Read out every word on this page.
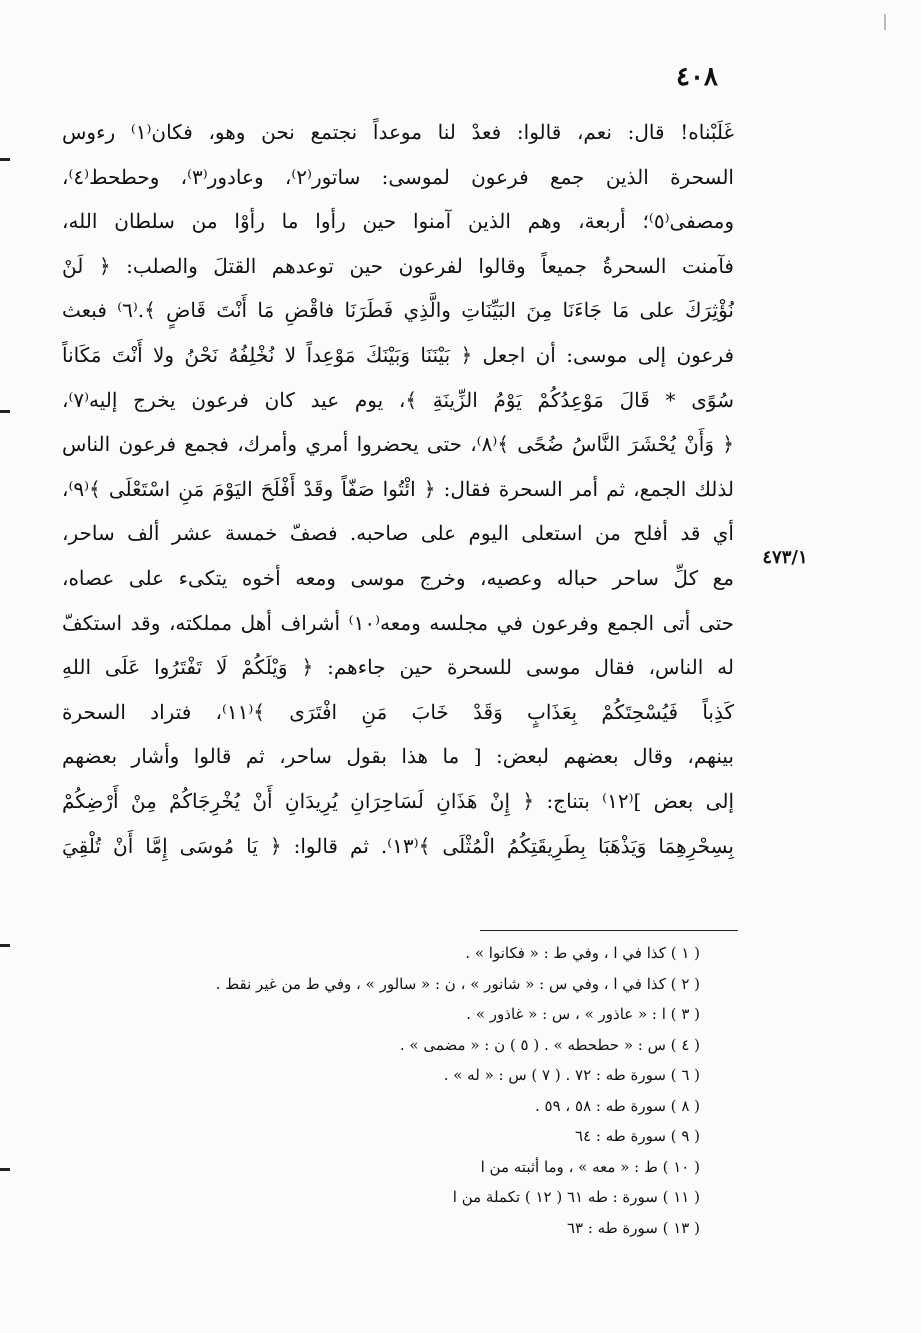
٤٠٨
٤٧٣/١
غَلَبْناه! قال: نعم، قالوا: فعدْ لنا موعداً نجتمع نحن وهو، فكان⁽١⁾ رءوس
السحرة الذين جمع فرعون لموسى: ساتور⁽٢⁾، وعادور⁽٣⁾، وحطحط⁽٤⁾،
ومصفى⁽٥⁾؛ أربعة، وهم الذين آمنوا حين رأوا ما رأوْا من سلطان الله،
فآمنت السحرةُ جميعاً وقالوا لفرعون حين توعدهم القتلَ والصلب: ﴿ لَنْ
نُؤْثِرَكَ على مَا جَاءَنَا مِنَ البَيِّنَاتِ والَّذِي فَطَرَنَا فاقْضِ مَا أَنْتَ قَاضٍ ﴾.⁽٦⁾ فبعث
فرعون إلى موسى: أن اجعل ﴿ بَيْنَنَا وَبَيْنَكَ مَوْعِداً لا نُخْلِفُهُ نَحْنُ ولا أَنْتَ مَكَاناً
سُوًى * قَالَ مَوْعِدُكُمْ يَوْمُ الزِّينَةِ ﴾، يوم عيد كان فرعون يخرج إليه⁽٧⁾،
﴿ وَأَنْ يُحْشَرَ النَّاسُ ضُحًى ﴾⁽٨⁾، حتى يحضروا أمري وأمرك، فجمع فرعون الناس
لذلك الجمع، ثم أمر السحرة فقال: ﴿ ائْتُوا صَفّاً وقَدْ أَفْلَحَ اليَوْمَ مَنِ اسْتَعْلَى ﴾⁽٩⁾،
أي قد أفلح من استعلى اليوم على صاحبه. فصفّ خمسة عشر ألف ساحر،
مع كلِّ ساحر حباله وعصيه، وخرج موسى ومعه أخوه يتكىء على عصاه،
حتى أتى الجمع وفرعون في مجلسه ومعه⁽١٠⁾ أشراف أهل مملكته، وقد استكفّ
له الناس، فقال موسى للسحرة حين جاءهم: ﴿ وَيْلَكُمْ لَا تَفْتَرُوا عَلَى اللهِ
كَذِباً فَيُسْحِتَكُمْ بِعَذَابٍ وَقَدْ خَابَ مَنِ افْتَرَى ﴾⁽١١⁾، فتراد السحرة
بينهم، وقال بعضهم لبعض: [ ما هذا بقول ساحر، ثم قالوا وأشار بعضهم
إلى بعض ]⁽١٢⁾ بتناج: ﴿ إِنْ هَذَانِ لَسَاحِرَانِ يُرِيدَانِ أَنْ يُخْرِجَاكُمْ مِنْ أَرْضِكُمْ
بِسِحْرِهِمَا وَيَذْهَبَا بِطَرِيقَتِكُمُ الْمُثْلَى ﴾⁽١٣⁾. ثم قالوا: ﴿ يَا مُوسَى إِمَّا أَنْ تُلْقِيَ
( ١ ) كذا في ا ، وفي ط : « فكانوا » .
( ٢ ) كذا في ا ، وفي س : « شانور » ، ن : « سالور » ، وفي ط من غير نقط .
( ٣ ) ا : « عاذور » ، س : « غاذور » .
( ٤ ) س : « حطحطه » . ( ٥ ) ن : « مضمى » .
( ٦ ) سورة طه : ٧٢ . ( ٧ ) س : « له » .
( ٨ ) سورة طه : ٥٨ ، ٥٩ .
( ٩ ) سورة طه : ٦٤
( ١٠ ) ط : « معه » ، وما أثبته من ا
( ١١ ) سورة : طه ٦١ ( ١٢ ) تكملة من ا
( ١٣ ) سورة طه : ٦٣
